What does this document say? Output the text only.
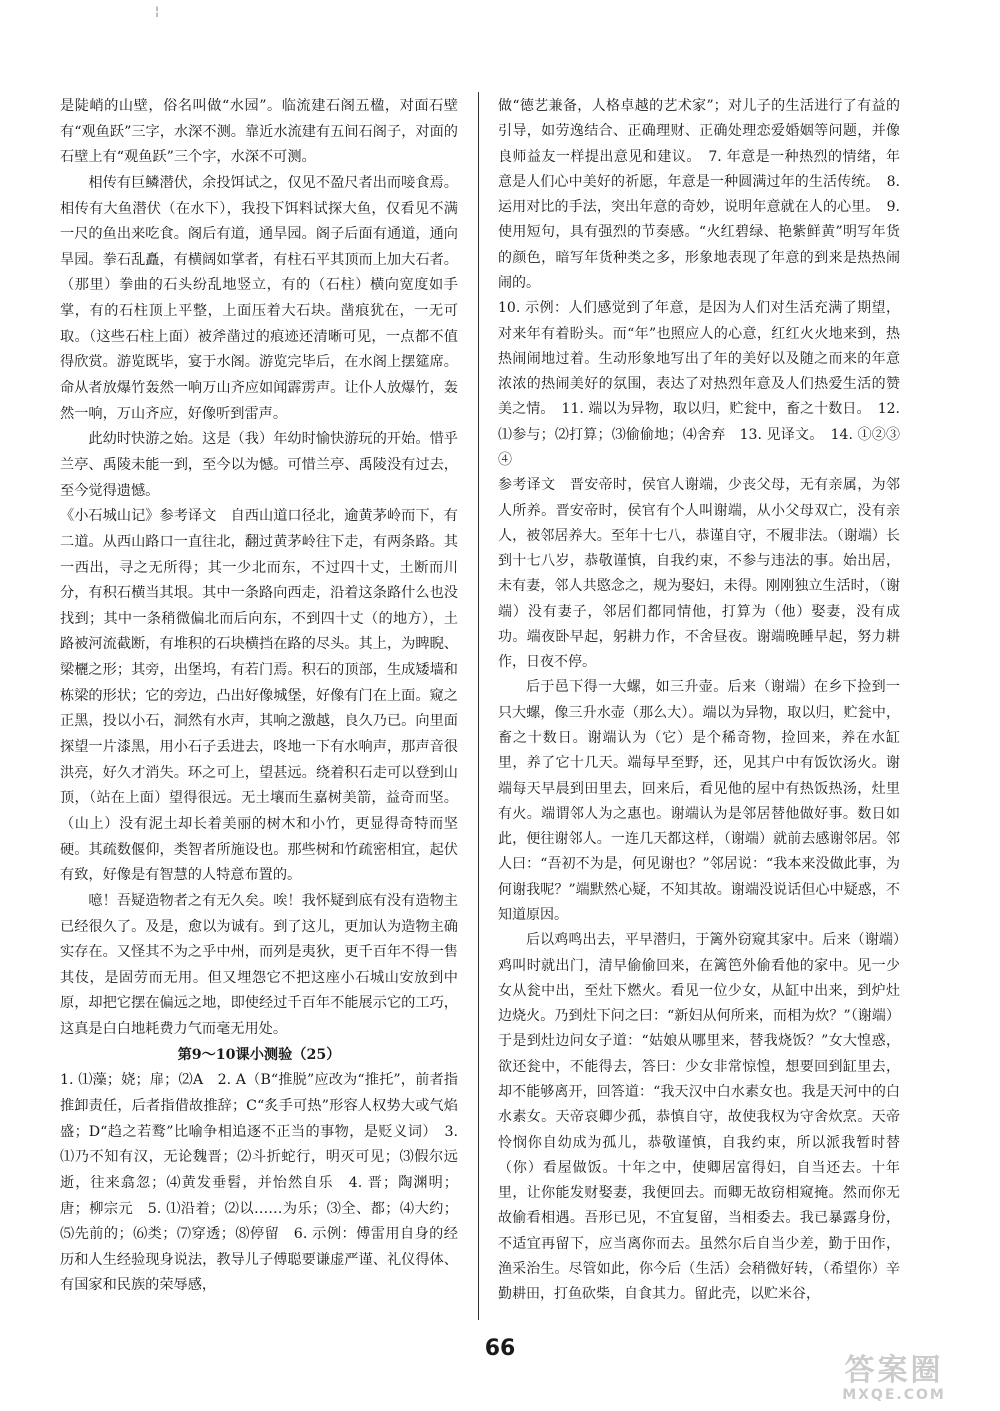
¦

是陡峭的山壁，俗名叫做“水园”。临流建石阁五楹，对面石壁有“观鱼跃”三字，水深不测。靠近水流建有五间石阁子，对面的石壁上有“观鱼跃”三个字，水深不可测。

相传有巨鳞潜伏，余投饵试之，仅见不盈尺者出而唼食焉。相传有大鱼潜伏（在水下），我投下饵料试探大鱼，仅看见不满一尺的鱼出来吃食。阁后有道，通旱园。阁子后面有通道，通向旱园。拳石乱矗，有横阔如掌者，有柱石平其顶而上加大石者。（那里）拳曲的石头纷乱地竖立，有的（石柱）横向宽度如手掌，有的石柱顶上平整，上面压着大石块。凿痕犹在，一无可取。（这些石柱上面）被斧凿过的痕迹还清晰可见，一点都不值得欣赏。游览既毕，宴于水阁。游览完毕后，在水阁上摆筵席。命从者放爆竹轰然一响万山齐应如闻霹雳声。让仆人放爆竹，轰然一响，万山齐应，好像听到雷声。

此幼时快游之始。这是（我）年幼时愉快游玩的开始。惜乎兰亭、禹陵未能一到，至今以为憾。可惜兰亭、禹陵没有过去，至今觉得遗憾。

《小石城山记》参考译文　自西山道口径北，逾黄茅岭而下，有二道。从西山路口一直往北，翻过黄茅岭往下走，有两条路。其一西出，寻之无所得；其一少北而东，不过四十丈，土断而川分，有积石横当其垠。其中一条路向西走，沿着这条路什么也没找到；其中一条稍微偏北而后向东，不到四十丈（的地方），土路被河流截断，有堆积的石块横挡在路的尽头。其上，为睥睨、梁欐之形；其旁，出堡坞，有若门焉。积石的顶部，生成矮墙和栋梁的形状；它的旁边，凸出好像城堡，好像有门在上面。窥之正黑，投以小石，洞然有水声，其响之激越，良久乃已。向里面探望一片漆黑，用小石子丢进去，咚地一下有水响声，那声音很洪亮，好久才消失。环之可上，望甚远。绕着积石走可以登到山顶，（站在上面）望得很远。无土壤而生嘉树美箭，益奇而坚。（山上）没有泥土却长着美丽的树木和小竹，更显得奇特而坚硬。其疏数偃仰，类智者所施设也。那些树和竹疏密相宜，起伏有致，好像是有智慧的人特意布置的。

噫！吾疑造物者之有无久矣。唉！我怀疑到底有没有造物主已经很久了。及是，愈以为诚有。到了这儿，更加认为造物主确实存在。又怪其不为之乎中州，而列是夷狄，更千百年不得一售其伎，是固劳而无用。但又埋怨它不把这座小石城山安放到中原，却把它摆在偏远之地，即使经过千百年不能展示它的工巧，这真是白白地耗费力气而毫无用处。

第9～10课小测验（25）

1. ⑴藻；娆；扉；⑵A　2. A（B“推脱”应改为“推托”，前者指推卸责任，后者指借故推辞；C“炙手可热”形容人权势大或气焰盛；D“趋之若鹜”比喻争相追逐不正当的事物，是贬义词）　3. ⑴乃不知有汉，无论魏晋；⑵斗折蛇行，明灭可见；⑶假尔远逝，往来翕忽；⑷黄发垂髫，并怡然自乐　4. 晋；陶渊明；唐；柳宗元　5. ⑴沿着；⑵以……为乐；⑶全、都；⑷大约；⑸先前的；⑹类；⑺穿透；⑻停留　6. 示例：傅雷用自身的经历和人生经验现身说法，教导儿子傅聪要谦虚严谨、礼仪得体、有国家和民族的荣辱感，

做“德艺兼备，人格卓越的艺术家”；对儿子的生活进行了有益的引导，如劳逸结合、正确理财、正确处理恋爱婚姻等问题，并像良师益友一样提出意见和建议。　7. 年意是一种热烈的情绪，年意是人们心中美好的祈愿，年意是一种圆满过年的生活传统。　8. 运用对比的手法，突出年意的奇妙，说明年意就在人的心里。　9. 使用短句，具有强烈的节奏感。“火红碧绿、艳紫鲜黄”明写年货的颜色，暗写年货种类之多，形象地表现了年意的到来是热热闹闹的。

10. 示例：人们感觉到了年意，是因为人们对生活充满了期望，对来年有着盼头。而“年”也照应人的心意，红红火火地来到，热热闹闹地过着。生动形象地写出了年的美好以及随之而来的年意浓浓的热闹美好的氛围，表达了对热烈年意及人们热爱生活的赞美之情。　11. 端以为异物，取以归，贮瓮中，畜之十数日。　12. ⑴参与；⑵打算；⑶偷偷地；⑷舍弃　13. 见译文。　14. ①②③④

参考译文　晋安帝时，侯官人谢端，少丧父母，无有亲属，为邻人所养。晋安帝时，侯官有个人叫谢端，从小父母双亡，没有亲人，被邻居养大。至年十七八，恭谨自守，不履非法。（谢端）长到十七八岁，恭敬谨慎，自我约束，不参与违法的事。始出居，未有妻，邻人共愍念之，规为娶妇，未得。刚刚独立生活时，（谢端）没有妻子，邻居们都同情他，打算为（他）娶妻，没有成功。端夜卧早起，躬耕力作，不舍昼夜。谢端晚睡早起，努力耕作，日夜不停。

后于邑下得一大螺，如三升壶。后来（谢端）在乡下捡到一只大螺，像三升水壶（那么大）。端以为异物，取以归，贮瓮中，畜之十数日。谢端认为（它）是个稀奇物，捡回来，养在水缸里，养了它十几天。端每早至野，还，见其户中有饭饮汤火。谢端每天早晨到田里去，回来后，看见他的屋中有热饭热汤，灶里有火。端谓邻人为之惠也。谢端认为是邻居替他做好事。数日如此，便往谢邻人。一连几天都这样，（谢端）就前去感谢邻居。邻人曰：“吾初不为是，何见谢也？”邻居说：“我本来没做此事，为何谢我呢？”端默然心疑，不知其故。谢端没说话但心中疑惑，不知道原因。

后以鸡鸣出去，平早潜归，于篱外窃窥其家中。后来（谢端）鸡叫时就出门，清早偷偷回来，在篱笆外偷看他的家中。见一少女从瓮中出，至灶下燃火。看见一位少女，从缸中出来，到炉灶边烧火。乃到灶下问之曰：“新妇从何所来，而相为炊？”（谢端）于是到灶边问女子道：“姑娘从哪里来，替我烧饭？”女大惶惑，欲还瓮中，不能得去，答曰：少女非常惊惶，想要回到缸里去，却不能够离开，回答道：“我天汉中白水素女也。我是天河中的白水素女。天帝哀卿少孤，恭慎自守，故使我权为守舍炊烹。天帝怜悯你自幼成为孤儿，恭敬谨慎，自我约束，所以派我暂时替（你）看屋做饭。十年之中，使卿居富得妇，自当还去。十年里，让你能发财娶妻，我便回去。而卿无故窃相窥掩。然而你无故偷看相遇。吾形已见，不宜复留，当相委去。我已暴露身份，不适宜再留下，应当离你而去。虽然尔后自当少差，勤于田作，渔采治生。尽管如此，你今后（生活）会稍微好转，（希望你）辛勤耕田，打鱼砍柴，自食其力。留此壳，以贮米谷，

66
答案圈
MXQE.COM
